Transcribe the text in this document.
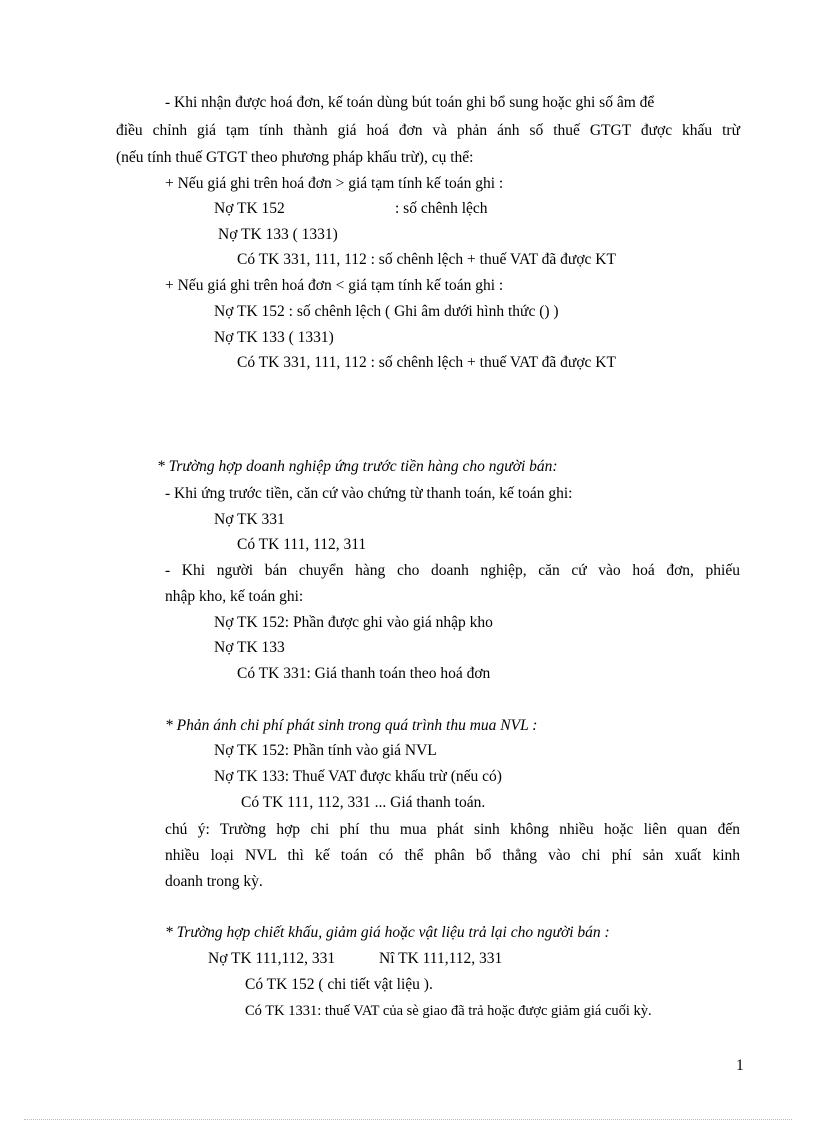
- Khi nhận được hoá đơn, kế toán dùng bút toán ghi bổ sung hoặc ghi số âm để
điều chỉnh giá tạm tính thành giá hoá đơn và phản ánh số thuế GTGT được khấu trừ
(nếu tính thuế GTGT theo phương pháp khấu trừ), cụ thể:
+ Nếu giá ghi trên hoá đơn > giá tạm tính kế toán ghi :
Nợ TK 152	: số chênh lệch
Nợ TK 133 ( 1331)
Có TK 331, 111, 112 : số chênh lệch + thuế VAT đã được KT
+ Nếu giá ghi trên hoá đơn < giá tạm tính kế toán ghi :
Nợ TK 152 : số chênh lệch ( Ghi âm dưới hình thức () )
Nợ TK 133 ( 1331)
Có TK 331, 111, 112 : số chênh lệch + thuế VAT đã được KT
* Trường hợp doanh nghiệp ứng trước tiền hàng cho người bán:
- Khi ứng trước tiền, căn cứ vào chứng từ thanh toán, kế toán ghi:
Nợ TK 331
Có TK 111, 112, 311
- Khi người bán chuyển hàng cho doanh nghiệp, căn cứ vào hoá đơn, phiếu
nhập kho, kế toán ghi:
Nợ TK 152: Phần được ghi vào giá nhập kho
Nợ TK 133
Có TK 331: Giá thanh toán theo hoá đơn
* Phản ánh chi phí phát sinh trong quá trình thu mua NVL :
Nợ TK 152: Phần tính vào giá NVL
Nợ TK 133: Thuế VAT được khấu trừ (nếu có)
Có TK 111, 112, 331 ... Giá thanh toán.
chú ý: Trường hợp chi phí thu mua phát sinh không nhiều hoặc liên quan đến
nhiều loại NVL thì kế toán có thể phân bổ thẳng vào chi phí sản xuất kinh
doanh trong kỳ.
* Trường hợp chiết khấu, giảm giá hoặc vật liệu trả lại cho người bán :
Nợ TK 111,112, 331	Nî TK 111,112, 331
Có TK 152 ( chi tiết vật liệu ).
Có TK 1331: thuế VAT của sè giao đã trả hoặc được giảm giá cuối kỳ.
1
